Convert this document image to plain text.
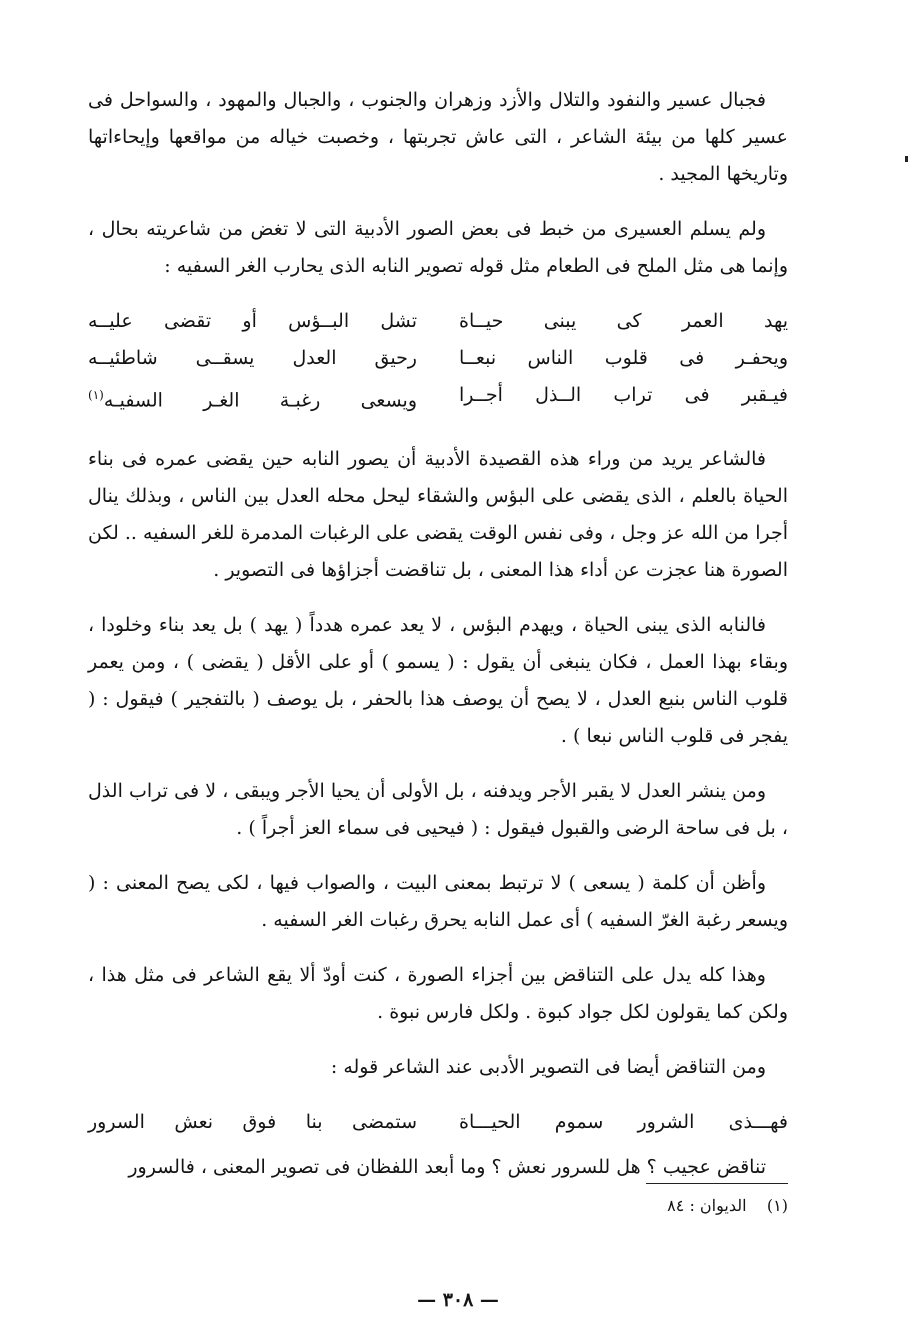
فجبال عسير والنفود والتلال والأزد وزهران والجنوب ، والجبال والمهود ، والسواحل فى عسير كلها من بيئة الشاعر ، التى عاش تجربتها ، وخصبت خياله من مواقعها وإيحاءاتها وتاريخها المجيد .

ولم يسلم العسيرى من خبط فى بعض الصور الأدبية التى لا تغض من شاعريته بحال ، وإنما هى مثل الملح فى الطعام مثل قوله تصوير النابه الذى يحارب الغر السفيه :

يهد العمر كى يبنى حيــاة
تشل البــؤس أو تقضى عليــه
ويحفـر فى قلوب الناس نبعــا
رحيق العدل يسقــى شاطئيــه
فيـقبر فى تراب الــذل أجــرا
ويسعى رغبـة الغـر السفيـه$^{(١)}$

فالشاعر يريد من وراء هذه القصيدة الأدبية أن يصور النابه حين يقضى عمره فى بناء الحياة بالعلم ، الذى يقضى على البؤس والشقاء ليحل محله العدل بين الناس ، وبذلك ينال أجرا من الله عز وجل ، وفى نفس الوقت يقضى على الرغبات المدمرة للغر السفيه .. لكن الصورة هنا عجزت عن أداء هذا المعنى ، بل تناقضت أجزاؤها فى التصوير .

فالنابه الذى يبنى الحياة ، ويهدم البؤس ، لا يعد عمره هدداً ( يهد ) بل يعد بناء وخلودا ، وبقاء بهذا العمل ، فكان ينبغى أن يقول : ( يسمو ) أو على الأقل ( يقضى ) ، ومن يعمر قلوب الناس بنبع العدل ، لا يصح أن يوصف هذا بالحفر ، بل يوصف ( بالتفجير ) فيقول : ( يفجر فى قلوب الناس نبعا ) .

ومن ينشر العدل لا يقبر الأجر ويدفنه ، بل الأولى أن يحيا الأجر ويبقى ، لا فى تراب الذل ، بل فى ساحة الرضى والقبول فيقول : ( فيحيى فى سماء العز أجراً ) .

وأظن أن كلمة ( يسعى ) لا ترتبط بمعنى البيت ، والصواب فيها ، لكى يصح المعنى : ( ويسعر رغبة الغرّ السفيه ) أى عمل النابه يحرق رغبات الغر السفيه .

وهذا كله يدل على التناقض بين أجزاء الصورة ، كنت أودّ ألا يقع الشاعر فى مثل هذا ، ولكن كما يقولون لكل جواد كبوة . ولكل فارس نبوة .

ومن التناقض أيضا فى التصوير الأدبى عند الشاعر قوله :

فهـــذى الشرور سموم الحيـــاة
ستمضى بنا فوق نعش السرور

تناقض عجيب ؟ هل للسرور نعش ؟ وما أبعد اللفظان فى تصوير المعنى ، فالسرور

(١)    الديوان : ٨٤
— ٣٠٨ —
